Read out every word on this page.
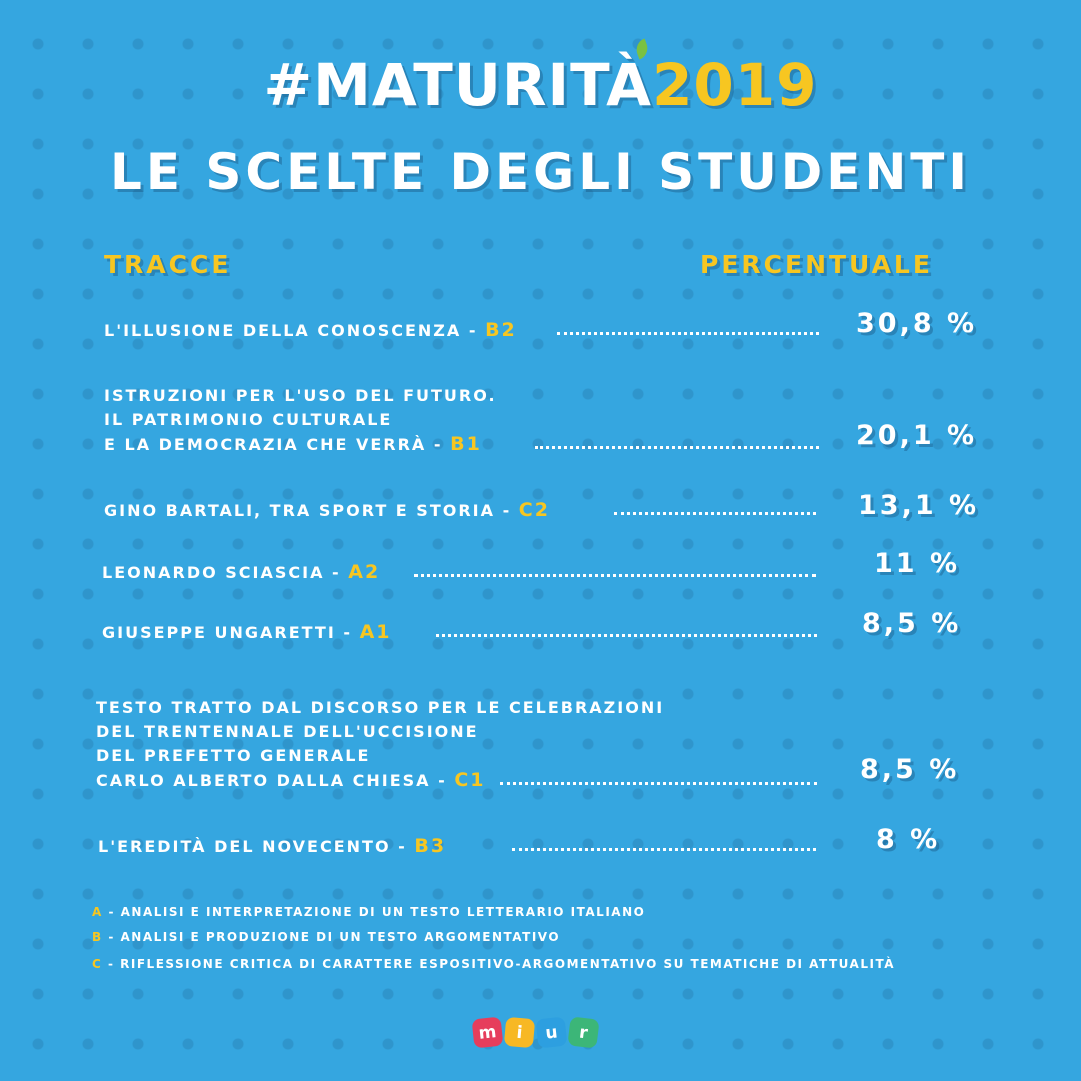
#MATURITÀ2019
LE SCELTE DEGLI STUDENTI
TRACCE	PERCENTUALE
L'ILLUSIONE DELLA CONOSCENZA - B2	30,8 %
ISTRUZIONI PER L'USO DEL FUTURO.
IL PATRIMONIO CULTURALE
E LA DEMOCRAZIA CHE VERRÀ - B1	20,1 %
GINO BARTALI, TRA SPORT E STORIA - C2	13,1 %
LEONARDO SCIASCIA - A2	11 %
GIUSEPPE UNGARETTI - A1	8,5 %
TESTO TRATTO DAL DISCORSO PER LE CELEBRAZIONI
DEL TRENTENNALE DELL'UCCISIONE
DEL PREFETTO GENERALE
CARLO ALBERTO DALLA CHIESA - C1	8,5 %
L'EREDITÀ DEL NOVECENTO - B3	8 %
A - ANALISI E INTERPRETAZIONE DI UN TESTO LETTERARIO ITALIANO
B - ANALISI E PRODUZIONE DI UN TESTO ARGOMENTATIVO
C - RIFLESSIONE CRITICA DI CARATTERE ESPOSITIVO-ARGOMENTATIVO SU TEMATICHE DI ATTUALITÀ
m	i	u	r
